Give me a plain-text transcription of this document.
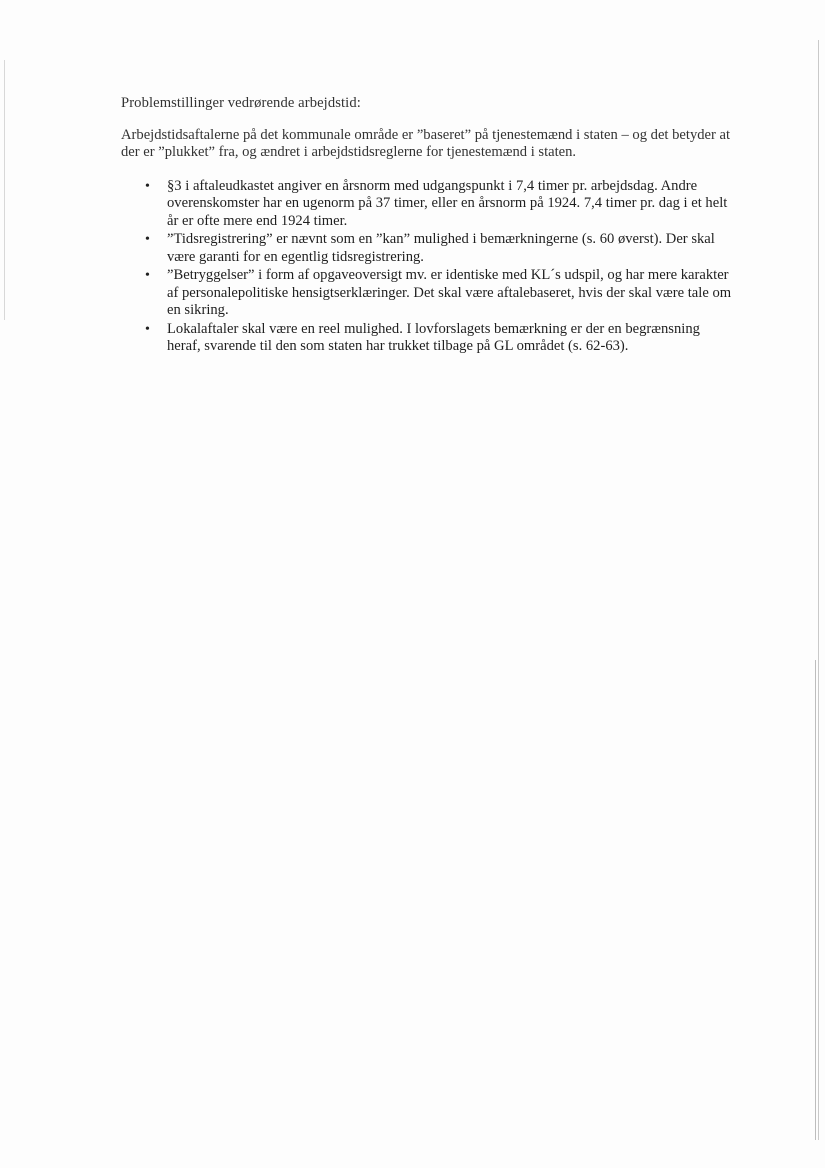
Problemstillinger vedrørende arbejdstid:

Arbejdstidsaftalerne på det kommunale område er ”baseret” på tjenestemænd i staten – og det betyder at der er ”plukket” fra, og ændret i arbejdstidsreglerne for tjenestemænd i staten.

• §3 i aftaleudkastet angiver en årsnorm med udgangspunkt i 7,4 timer pr. arbejdsdag. Andre overenskomster har en ugenorm på 37 timer, eller en årsnorm på 1924. 7,4 timer pr. dag i et helt år er ofte mere end 1924 timer.
• ”Tidsregistrering” er nævnt som en ”kan” mulighed i bemærkningerne (s. 60 øverst). Der skal være garanti for en egentlig tidsregistrering.
• ”Betryggelser” i form af opgaveoversigt mv. er identiske med KL´s udspil, og har mere karakter af personalepolitiske hensigtserklæringer. Det skal være aftalebaseret, hvis der skal være tale om en sikring.
• Lokalaftaler skal være en reel mulighed. I lovforslagets bemærkning er der en begrænsning heraf, svarende til den som staten har trukket tilbage på GL området (s. 62-63).
